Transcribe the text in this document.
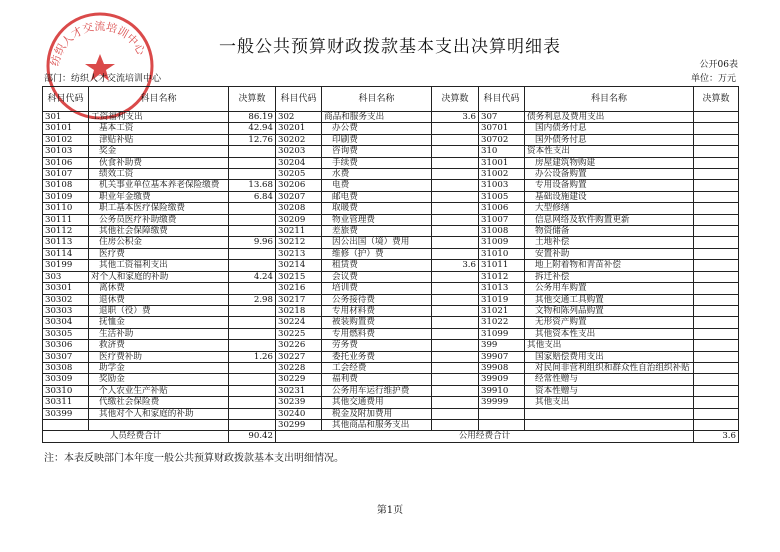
纺织人才交流培训中心	一般公共预算财政拨款基本支出决算明细表
公开06表
部门：纺织人才交流培训中心	单位：万元
科目代码	科目名称	决算数	科目代码	科目名称	决算数	科目代码	科目名称	决算数
301	工资福利支出	86.19	302	商品和服务支出	3.6	307	债务利息及费用支出	
30101	基本工资	42.94	30201	办公费		30701	国内债务付息	
30102	津贴补贴	12.76	30202	印刷费		30702	国外债务付息	
30103	奖金		30203	咨询费		310	资本性支出	
30106	伙食补助费		30204	手续费		31001	房屋建筑物购建	
30107	绩效工资		30205	水费		31002	办公设备购置	
30108	机关事业单位基本养老保险缴费	13.68	30206	电费		31003	专用设备购置	
30109	职业年金缴费	6.84	30207	邮电费		31005	基础设施建设	
30110	职工基本医疗保险缴费		30208	取暖费		31006	大型修缮	
30111	公务员医疗补助缴费		30209	物业管理费		31007	信息网络及软件购置更新	
30112	其他社会保障缴费		30211	差旅费		31008	物资储备	
30113	住房公积金	9.96	30212	因公出国（境）费用		31009	土地补偿	
30114	医疗费		30213	维修（护）费		31010	安置补助	
30199	其他工资福利支出		30214	租赁费	3.6	31011	地上附着物和青苗补偿	
303	对个人和家庭的补助	4.24	30215	会议费		31012	拆迁补偿	
30301	离休费		30216	培训费		31013	公务用车购置	
30302	退休费	2.98	30217	公务接待费		31019	其他交通工具购置	
30303	退职（役）费		30218	专用材料费		31021	文物和陈列品购置	
30304	抚恤金		30224	被装购置费		31022	无形资产购置	
30305	生活补助		30225	专用燃料费		31099	其他资本性支出	
30306	救济费		30226	劳务费		399	其他支出	
30307	医疗费补助	1.26	30227	委托业务费		39907	国家赔偿费用支出	
30308	助学金		30228	工会经费		39908	对民间非营利组织和群众性自治组织补贴	
30309	奖励金		30229	福利费		39909	经常性赠与	
30310	个人农业生产补贴		30231	公务用车运行维护费		39910	资本性赠与	
30311	代缴社会保险费		30239	其他交通费用		39999	其他支出	
30399	其他对个人和家庭的补助		30240	税金及附加费用				
			30299	其他商品和服务支出				
人员经费合计		90.42	公用经费合计					3.6
注：本表反映部门本年度一般公共预算财政拨款基本支出明细情况。
第1页
